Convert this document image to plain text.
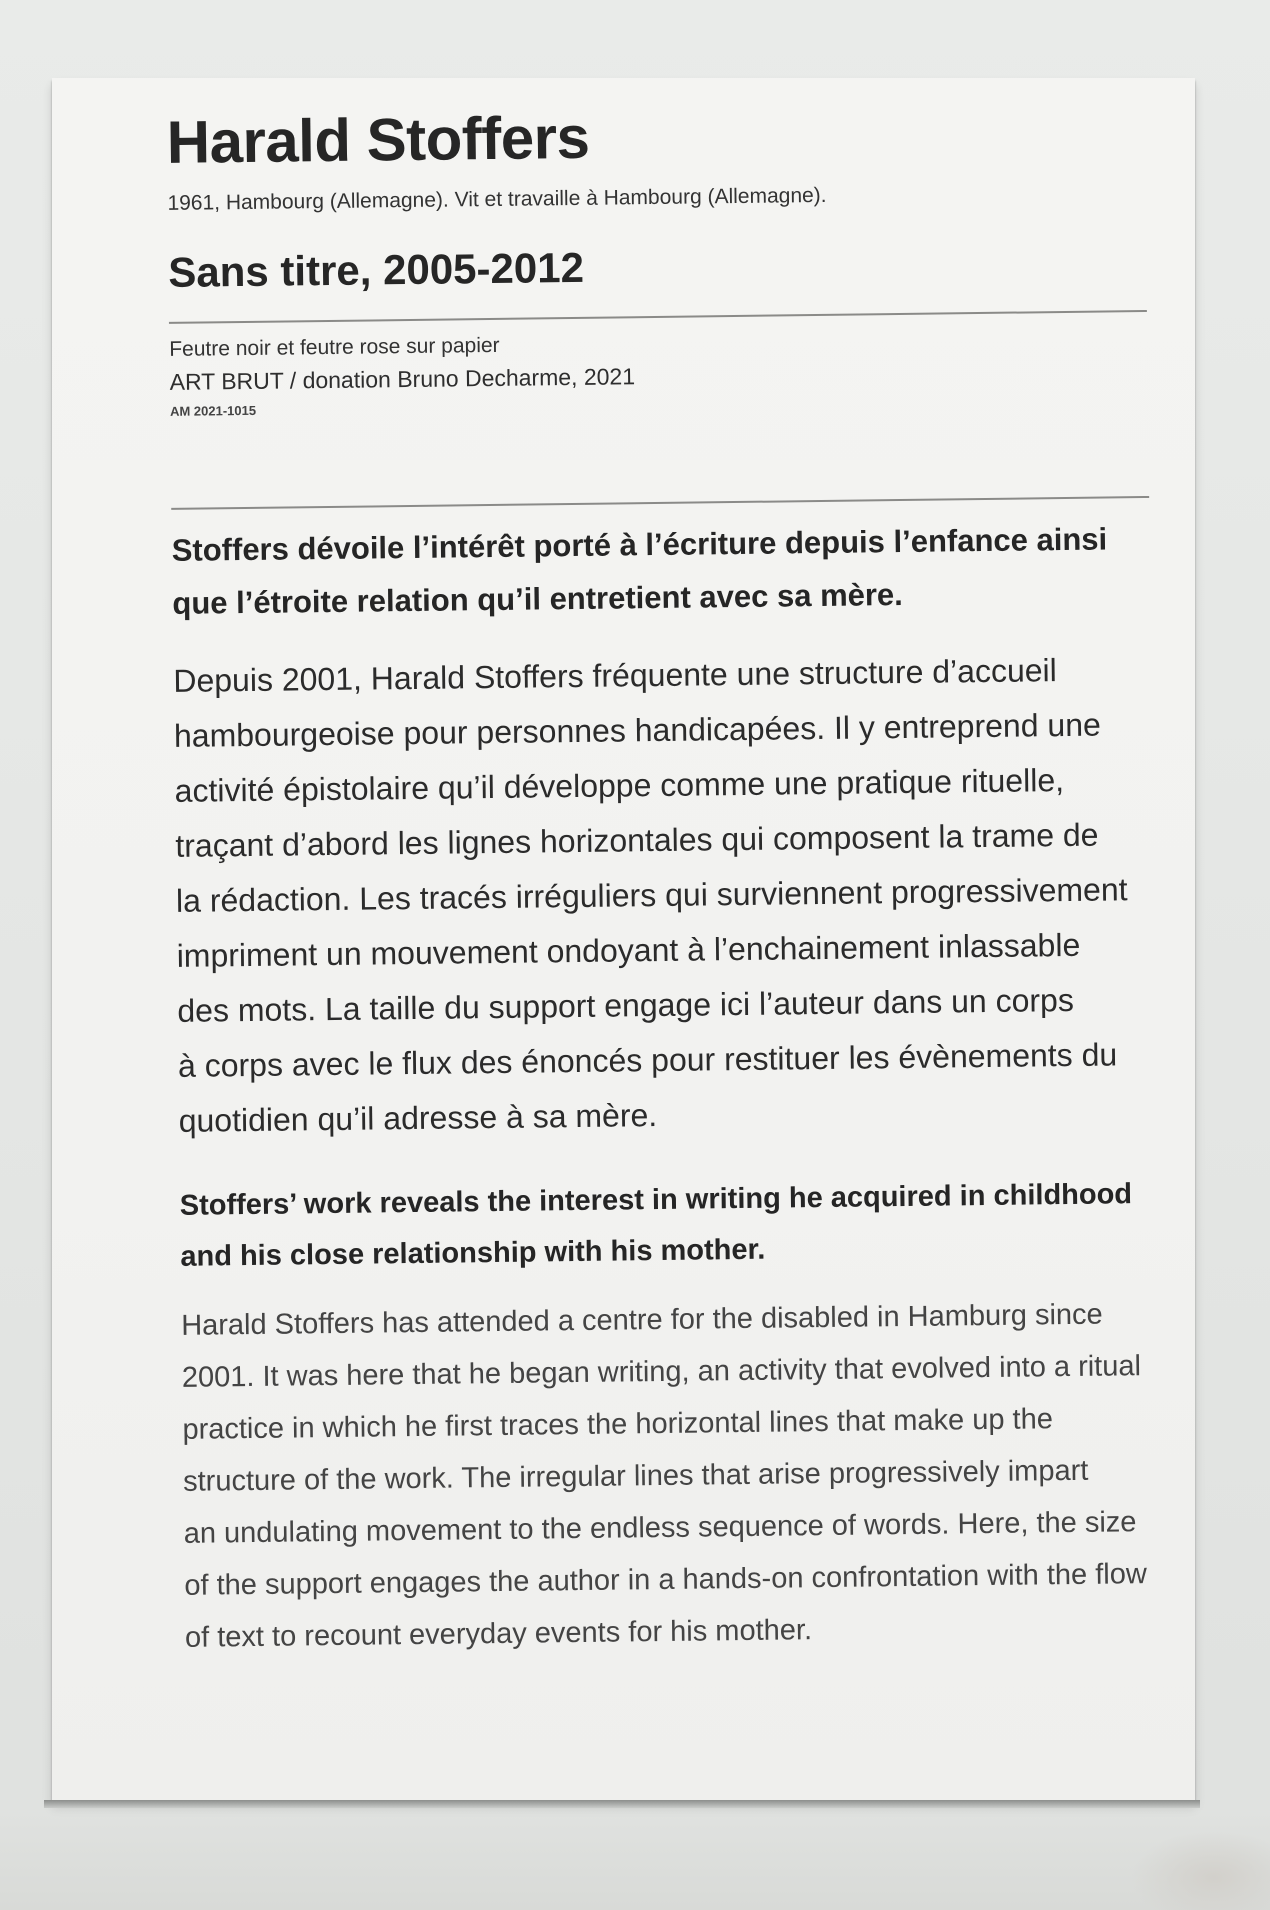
Harald Stoffers
1961, Hambourg (Allemagne). Vit et travaille à Hambourg (Allemagne).
Sans titre, 2005-2012
Feutre noir et feutre rose sur papier
ART BRUT / donation Bruno Decharme, 2021
AM 2021-1015

Stoffers dévoile l’intérêt porté à l’écriture depuis l’enfance ainsi
que l’étroite relation qu’il entretient avec sa mère.

Depuis 2001, Harald Stoffers fréquente une structure d’accueil
hambourgeoise pour personnes handicapées. Il y entreprend une
activité épistolaire qu’il développe comme une pratique rituelle,
traçant d’abord les lignes horizontales qui composent la trame de
la rédaction. Les tracés irréguliers qui surviennent progressivement
impriment un mouvement ondoyant à l’enchainement inlassable
des mots. La taille du support engage ici l’auteur dans un corps
à corps avec le flux des énoncés pour restituer les évènements du
quotidien qu’il adresse à sa mère.

Stoffers’ work reveals the interest in writing he acquired in childhood
and his close relationship with his mother.

Harald Stoffers has attended a centre for the disabled in Hamburg since
2001. It was here that he began writing, an activity that evolved into a ritual
practice in which he first traces the horizontal lines that make up the
structure of the work. The irregular lines that arise progressively impart
an undulating movement to the endless sequence of words. Here, the size
of the support engages the author in a hands-on confrontation with the flow
of text to recount everyday events for his mother.
